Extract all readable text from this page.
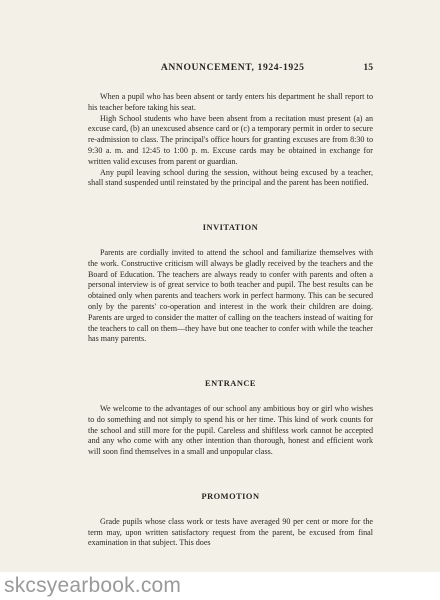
ANNOUNCEMENT, 1924-1925	15

When a pupil who has been absent or tardy enters his department he shall report to his teacher before taking his seat.

High School students who have been absent from a recitation must present (a) an excuse card, (b) an unexcused absence card or (c) a temporary permit in order to secure re-admission to class. The principal's office hours for granting excuses are from 8:30 to 9:30 a. m. and 12:45 to 1:00 p. m. Excuse cards may be obtained in exchange for written valid excuses from parent or guardian.

Any pupil leaving school during the session, without being excused by a teacher, shall stand suspended until reinstated by the principal and the parent has been notified.

INVITATION

Parents are cordially invited to attend the school and familiarize themselves with the work. Constructive criticism will always be gladly received by the teachers and the Board of Education. The teachers are always ready to confer with parents and often a personal interview is of great service to both teacher and pupil. The best results can be obtained only when parents and teachers work in perfect harmony. This can be secured only by the parents' co-operation and interest in the work their children are doing. Parents are urged to consider the matter of calling on the teachers instead of waiting for the teachers to call on them—they have but one teacher to confer with while the teacher has many parents.

ENTRANCE

We welcome to the advantages of our school any ambitious boy or girl who wishes to do something and not simply to spend his or her time. This kind of work counts for the school and still more for the pupil. Careless and shiftless work cannot be accepted and any who come with any other intention than thorough, honest and efficient work will soon find themselves in a small and unpopular class.

PROMOTION

Grade pupils whose class work or tests have averaged 90 per cent or more for the term may, upon written satisfactory request from the parent, be excused from final examination in that subject. This does

skcsyearbook.com
